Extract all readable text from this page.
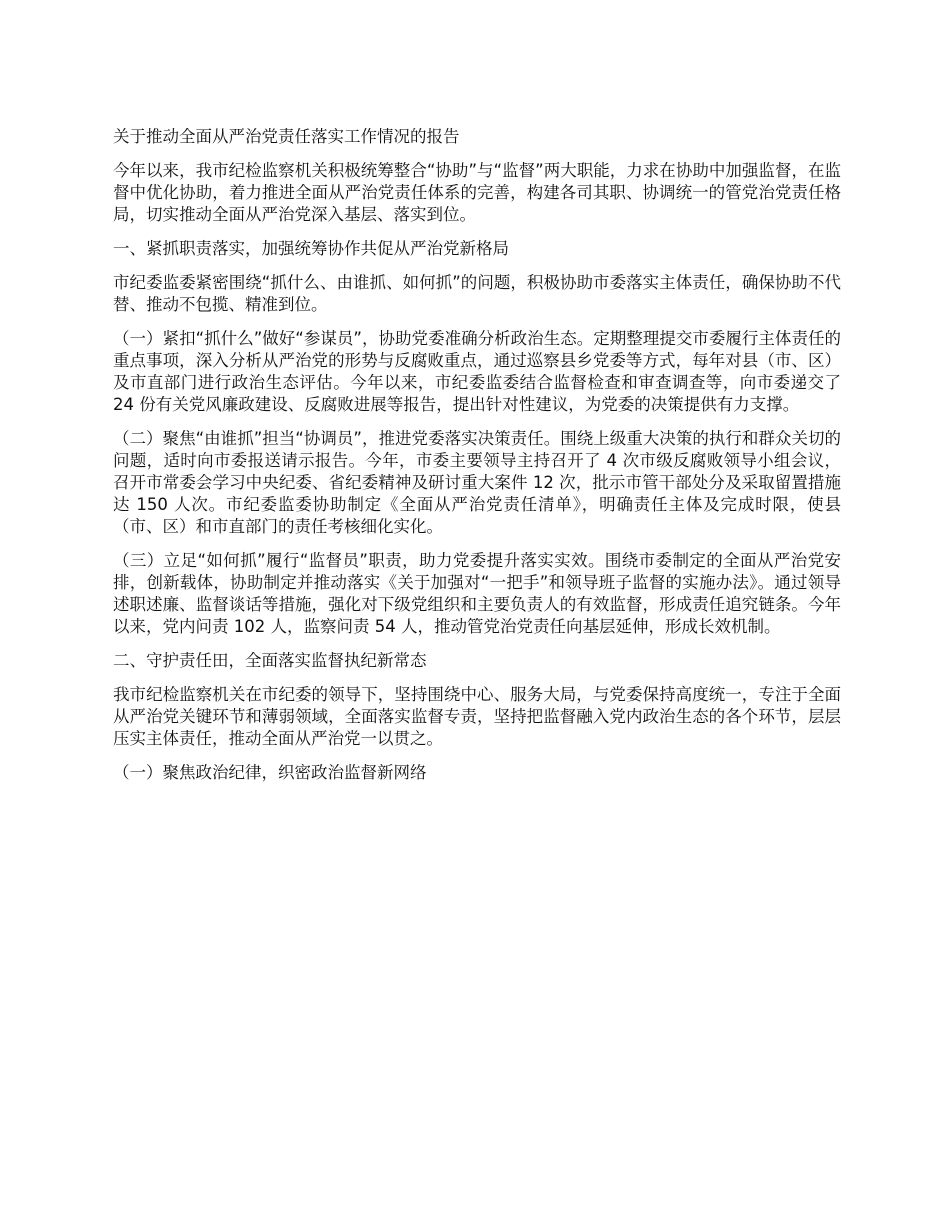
关于推动全面从严治党责任落实工作情况的报告

今年以来，我市纪检监察机关积极统筹整合“协助”与“监督”两大职能，力求在协助中加强监督，在监督中优化协助，着力推进全面从严治党责任体系的完善，构建各司其职、协调统一的管党治党责任格局，切实推动全面从严治党深入基层、落实到位。

一、紧抓职责落实，加强统筹协作共促从严治党新格局

市纪委监委紧密围绕“抓什么、由谁抓、如何抓”的问题，积极协助市委落实主体责任，确保协助不代替、推动不包揽、精准到位。

（一）紧扣“抓什么”做好“参谋员”，协助党委准确分析政治生态。定期整理提交市委履行主体责任的重点事项，深入分析从严治党的形势与反腐败重点，通过巡察县乡党委等方式，每年对县（市、区）及市直部门进行政治生态评估。今年以来，市纪委监委结合监督检查和审查调查等，向市委递交了 24 份有关党风廉政建设、反腐败进展等报告，提出针对性建议，为党委的决策提供有力支撑。

（二）聚焦“由谁抓”担当“协调员”，推进党委落实决策责任。围绕上级重大决策的执行和群众关切的问题，适时向市委报送请示报告。今年，市委主要领导主持召开了 4 次市级反腐败领导小组会议，召开市常委会学习中央纪委、省纪委精神及研讨重大案件 12 次，批示市管干部处分及采取留置措施达 150 人次。市纪委监委协助制定《全面从严治党责任清单》，明确责任主体及完成时限，使县（市、区）和市直部门的责任考核细化实化。

（三）立足“如何抓”履行“监督员”职责，助力党委提升落实实效。围绕市委制定的全面从严治党安排，创新载体，协助制定并推动落实《关于加强对“一把手”和领导班子监督的实施办法》。通过领导述职述廉、监督谈话等措施，强化对下级党组织和主要负责人的有效监督，形成责任追究链条。今年以来，党内问责 102 人，监察问责 54 人，推动管党治党责任向基层延伸，形成长效机制。

二、守护责任田，全面落实监督执纪新常态

我市纪检监察机关在市纪委的领导下，坚持围绕中心、服务大局，与党委保持高度统一，专注于全面从严治党关键环节和薄弱领域，全面落实监督专责，坚持把监督融入党内政治生态的各个环节，层层压实主体责任，推动全面从严治党一以贯之。

（一）聚焦政治纪律，织密政治监督新网络
